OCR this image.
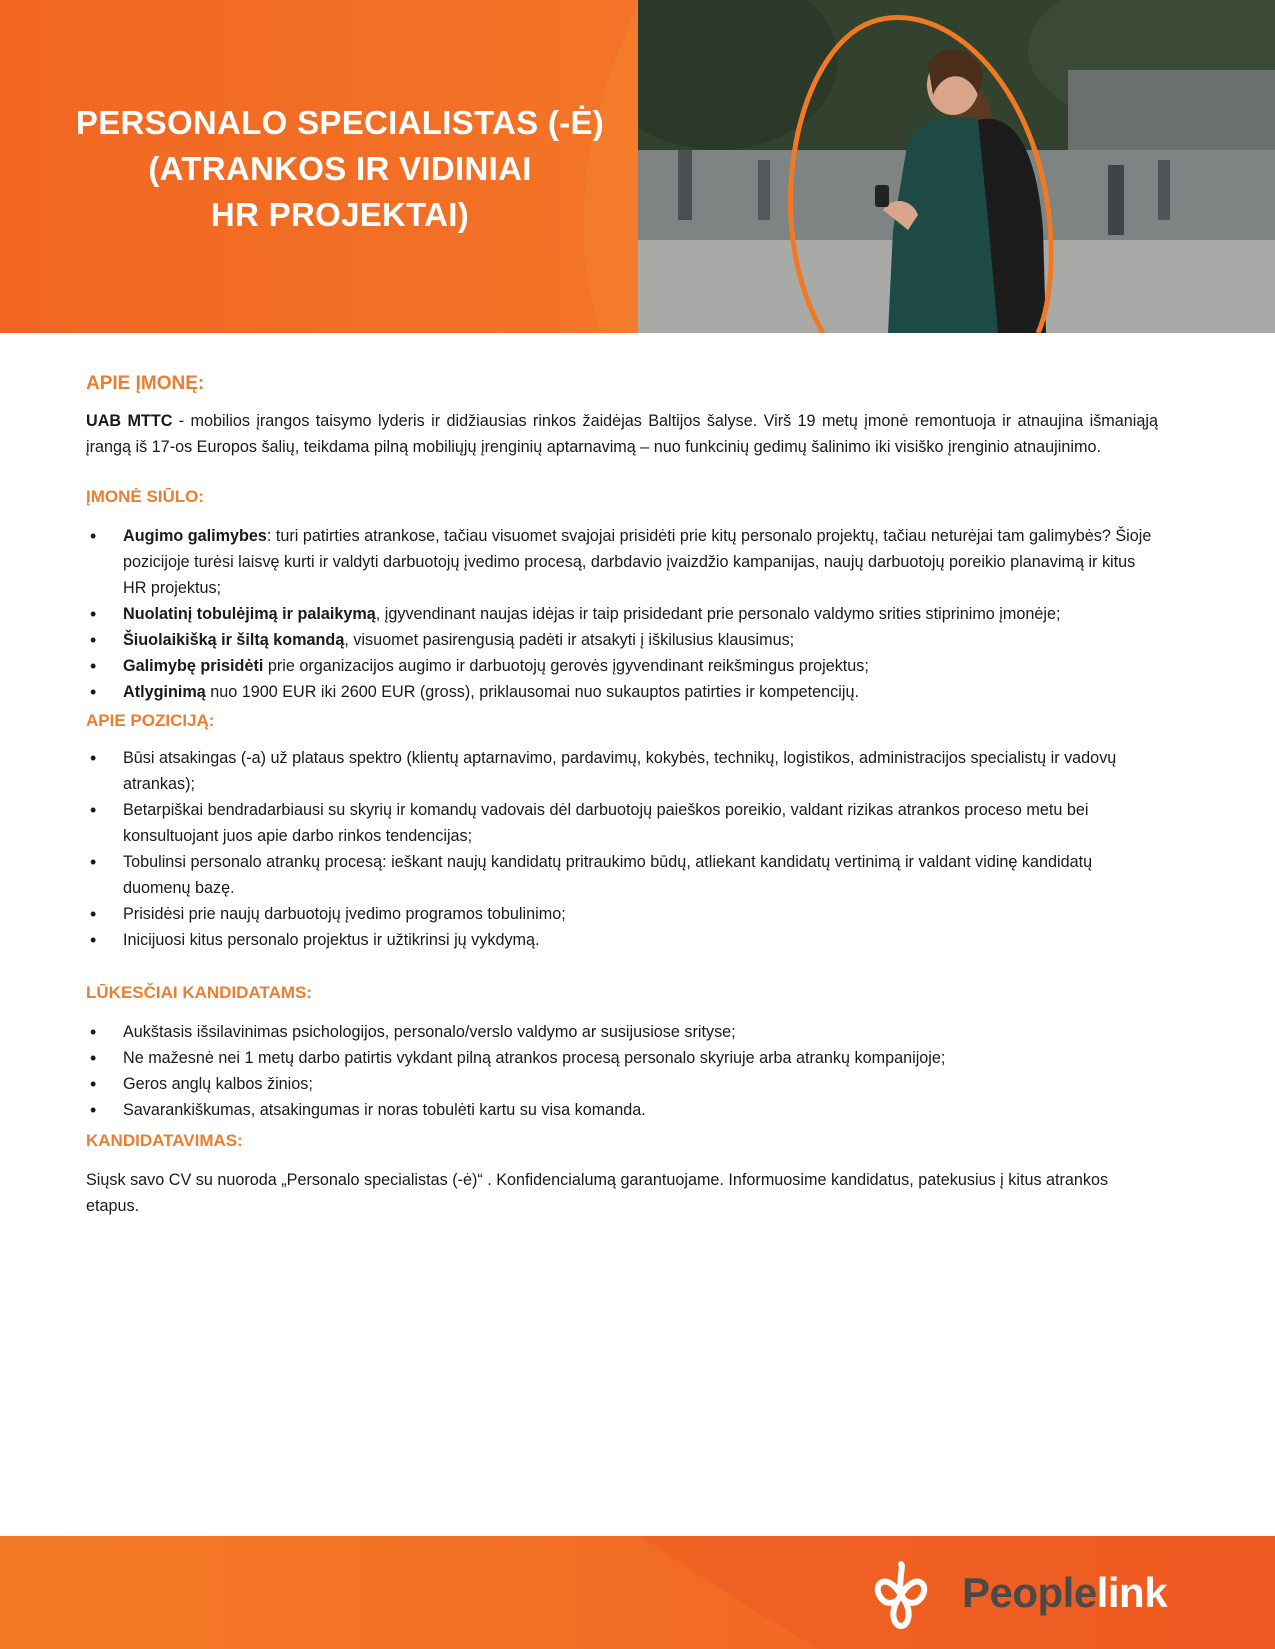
PERSONALO SPECIALISTAS (-Ė)
(ATRANKOS IR VIDINIAI
HR PROJEKTAI)
APIE ĮMONĘ:

UAB MTTC - mobilios įrangos taisymo lyderis ir didžiausias rinkos žaidėjas Baltijos šalyse. Virš 19 metų įmonė remontuoja ir atnaujina išmaniąją įrangą iš 17-os Europos šalių, teikdama pilną mobiliųjų įrenginių aptarnavimą – nuo funkcinių gedimų šalinimo iki visiško įrenginio atnaujinimo.

ĮMONĖ SIŪLO:
• Augimo galimybes: turi patirties atrankose, tačiau visuomet svajojai prisidėti prie kitų personalo projektų, tačiau neturėjai tam galimybės? Šioje pozicijoje turėsi laisvę kurti ir valdyti darbuotojų įvedimo procesą, darbdavio įvaizdžio kampanijas, naujų darbuotojų poreikio planavimą ir kitus HR projektus;
• Nuolatinį tobulėjimą ir palaikymą, įgyvendinant naujas idėjas ir taip prisidedant prie personalo valdymo srities stiprinimo įmonėje;
• Šiuolaikišką ir šiltą komandą, visuomet pasirengusią padėti ir atsakyti į iškilusius klausimus;
• Galimybę prisidėti prie organizacijos augimo ir darbuotojų gerovės įgyvendinant reikšmingus projektus;
• Atlyginimą nuo 1900 EUR iki 2600 EUR (gross), priklausomai nuo sukauptos patirties ir kompetencijų.
APIE POZICIJĄ:
• Būsi atsakingas (-a) už plataus spektro (klientų aptarnavimo, pardavimų, kokybės, technikų, logistikos, administracijos specialistų ir vadovų atrankas);
• Betarpiškai bendradarbiausi su skyrių ir komandų vadovais dėl darbuotojų paieškos poreikio, valdant rizikas atrankos proceso metu bei konsultuojant juos apie darbo rinkos tendencijas;
• Tobulinsi personalo atrankų procesą: ieškant naujų kandidatų pritraukimo būdų, atliekant kandidatų vertinimą ir valdant vidinę kandidatų duomenų bazę.
• Prisidėsi prie naujų darbuotojų įvedimo programos tobulinimo;
• Inicijuosi kitus personalo projektus ir užtikrinsi jų vykdymą.
LŪKESČIAI KANDIDATAMS:
• Aukštasis išsilavinimas psichologijos, personalo/verslo valdymo ar susijusiose srityse;
• Ne mažesnė nei 1 metų darbo patirtis vykdant pilną atrankos procesą personalo skyriuje arba atrankų kompanijoje;
• Geros anglų kalbos žinios;
• Savarankiškumas, atsakingumas ir noras tobulėti kartu su visa komanda.
KANDIDATAVIMAS:

Siųsk savo CV su nuoroda „Personalo specialistas (-ė)“ . Konfidencialumą garantuojame. Informuosime kandidatus, patekusius į kitus atrankos etapus.

Peoplelink
